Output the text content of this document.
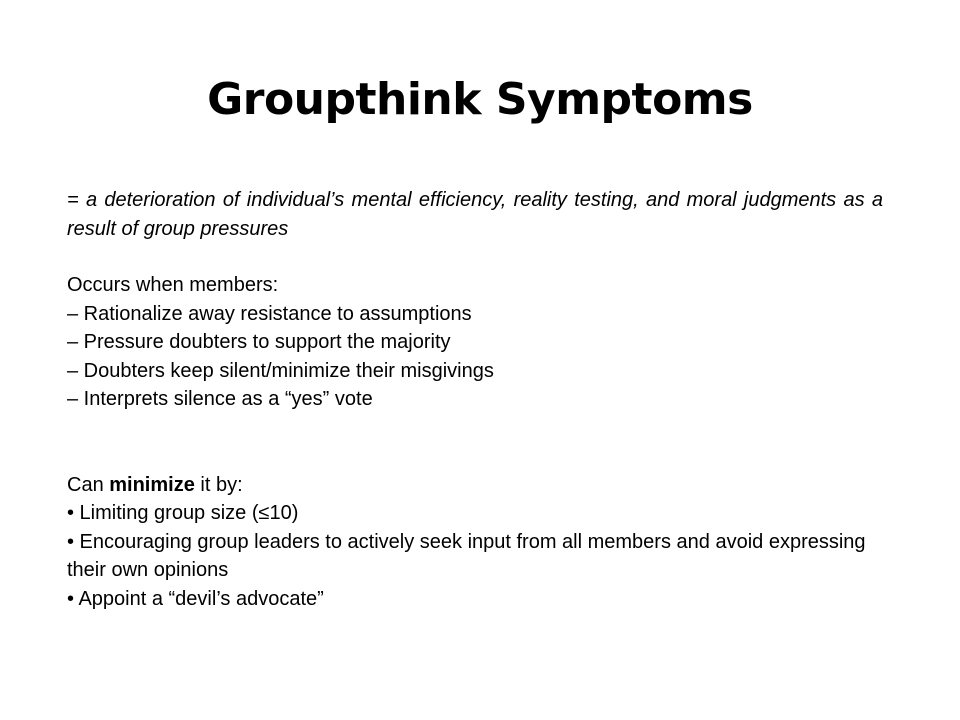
Groupthink Symptoms

= a deterioration of individual’s mental efficiency, reality testing, and moral judgments as a result of group pressures

Occurs when members:

– Rationalize away resistance to assumptions

– Pressure doubters to support the majority

– Doubters keep silent/minimize their misgivings

– Interprets silence as a “yes” vote

Can minimize it by:

• Limiting group size (≤10)

• Encouraging group leaders to actively seek input from all members and avoid expressing their own opinions

• Appoint a “devil’s advocate”
